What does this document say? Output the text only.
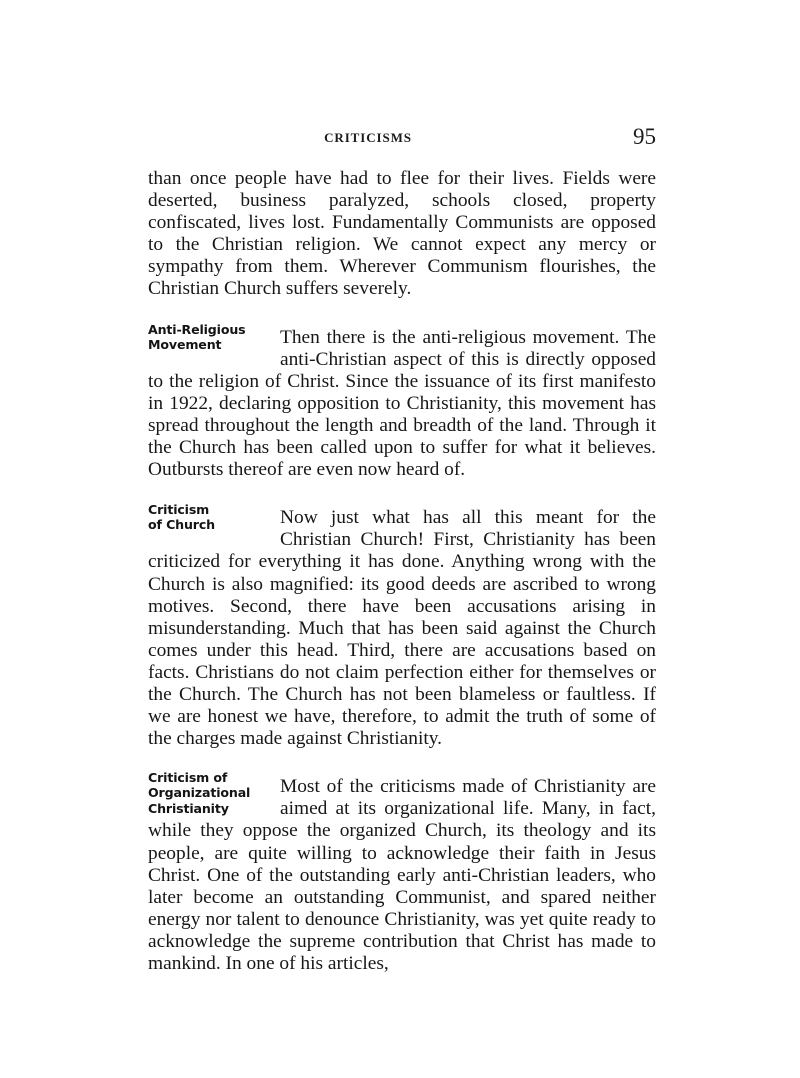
CRITICISMS	95

than once people have had to flee for their lives. Fields were deserted, business paralyzed, schools closed, property confiscated, lives lost. Fundamentally Communists are opposed to the Christian religion. We cannot expect any mercy or sympathy from them. Wherever Communism flourishes, the Christian Church suffers severely.

Anti-Religious
Movement	Then there is the anti-religious movement. The anti-Christian aspect of this is directly opposed to the religion of Christ. Since the issuance of its first manifesto in 1922, declaring opposition to Christianity, this movement has spread throughout the length and breadth of the land. Through it the Church has been called upon to suffer for what it believes. Outbursts thereof are even now heard of.

Criticism
of Church	Now just what has all this meant for the Christian Church! First, Christianity has been criticized for everything it has done. Anything wrong with the Church is also magnified: its good deeds are ascribed to wrong motives. Second, there have been accusations arising in misunderstanding. Much that has been said against the Church comes under this head. Third, there are accusations based on facts. Christians do not claim perfection either for themselves or the Church. The Church has not been blameless or faultless. If we are honest we have, therefore, to admit the truth of some of the charges made against Christianity.

Criticism of
Organizational
Christianity

Most of the criticisms made of Christianity are aimed at its organizational life. Many, in fact, while they oppose the organized Church, its theology and its people, are quite willing to acknowledge their faith in Jesus Christ. One of the outstanding early anti-Christian leaders, who later become an outstanding Communist, and spared neither energy nor talent to denounce Christianity, was yet quite ready to acknowledge the supreme contribution that Christ has made to mankind. In one of his articles,
